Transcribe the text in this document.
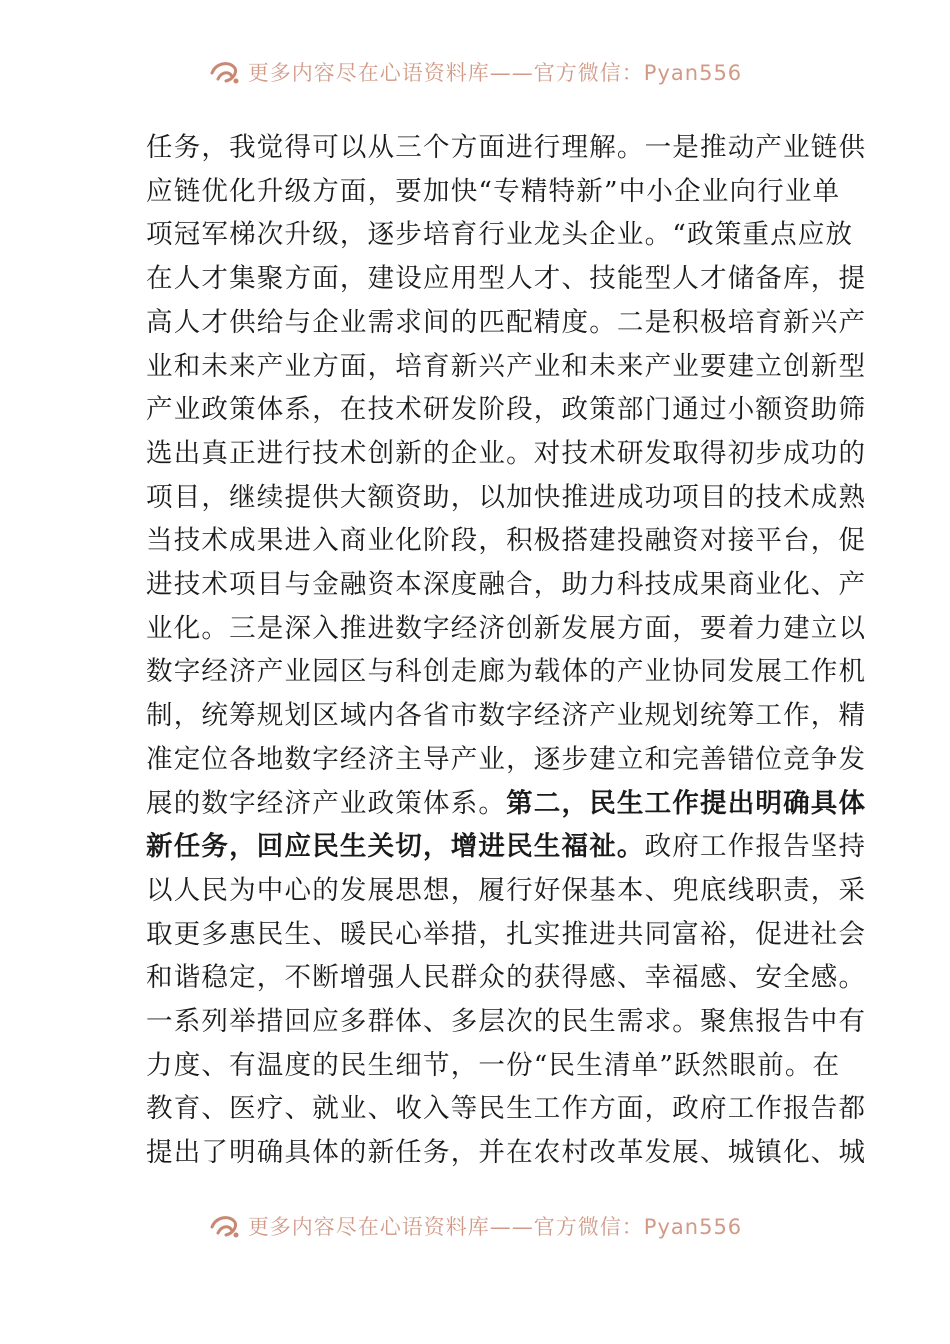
更多内容尽在心语资料库——官方微信：Pyan556
任务，我觉得可以从三个方面进行理解。一是推动产业链供
应链优化升级方面，要加快“专精特新”中小企业向行业单
项冠军梯次升级，逐步培育行业龙头企业。“政策重点应放
在人才集聚方面，建设应用型人才、技能型人才储备库，提
高人才供给与企业需求间的匹配精度。二是积极培育新兴产
业和未来产业方面，培育新兴产业和未来产业要建立创新型
产业政策体系，在技术研发阶段，政策部门通过小额资助筛
选出真正进行技术创新的企业。对技术研发取得初步成功的
项目，继续提供大额资助，以加快推进成功项目的技术成熟
当技术成果进入商业化阶段，积极搭建投融资对接平台，促
进技术项目与金融资本深度融合，助力科技成果商业化、产
业化。三是深入推进数字经济创新发展方面，要着力建立以
数字经济产业园区与科创走廊为载体的产业协同发展工作机
制，统筹规划区域内各省市数字经济产业规划统筹工作，精
准定位各地数字经济主导产业，逐步建立和完善错位竞争发
展的数字经济产业政策体系。第二，民生工作提出明确具体
新任务，回应民生关切，增进民生福祉。政府工作报告坚持
以人民为中心的发展思想，履行好保基本、兜底线职责，采
取更多惠民生、暖民心举措，扎实推进共同富裕，促进社会
和谐稳定，不断增强人民群众的获得感、幸福感、安全感。
一系列举措回应多群体、多层次的民生需求。聚焦报告中有
力度、有温度的民生细节，一份“民生清单”跃然眼前。在
教育、医疗、就业、收入等民生工作方面，政府工作报告都
提出了明确具体的新任务，并在农村改革发展、城镇化、城
更多内容尽在心语资料库——官方微信：Pyan556
